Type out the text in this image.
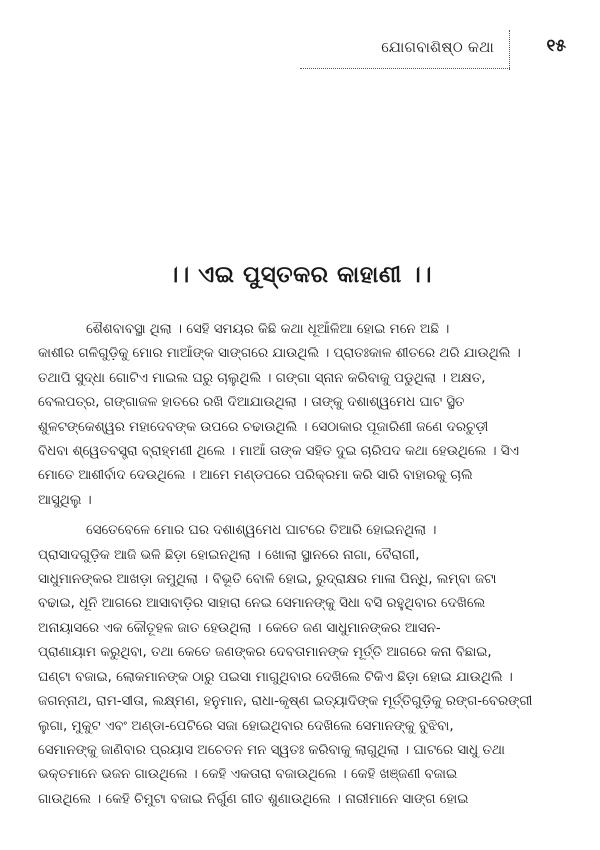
ଯୋଗବାଶିଷ୍ଠ କଥା	୧୫
।। ଏଇ ପୁସ୍ତକର କାହାଣୀ ।।

ଶୈଶବାବସ୍ଥା ଥିଲା । ସେହି ସମୟର କିଛି କଥା ଧୂଆଁଳିଆ ହୋଇ ମନେ ଅଛି ।
କାଶୀର ଗଳିଗୁଡ଼ିକୁ ମୋର ମାଆଁଙ୍କ ସାଙ୍ଗରେ ଯାଉଥିଲି । ପ୍ରାତଃକାଳ ଶୀତରେ ଥରି ଯାଉଥିଲି ।
ତଥାପି ସୁଦ୍ଧା ଗୋଟିଏ ମାଇଲ ଘରୁ ଚାଲୁଥିଲି । ଗଙ୍ଗା ସ୍ନାନ କରିବାକୁ ପଡୁଥିଲା । ଅକ୍ଷତ,
ବେଲପତ୍ର, ଗଙ୍ଗାଜଳ ହାତରେ ରଖି ଦିଆଯାଉଥିଲା । ତାଙ୍କୁ ଦଶାଶ୍ୱମେଧ ଘାଟ ସ୍ଥିତ
ଶୁଳଟଙ୍କେଶ୍ୱର ମହାଦେବଙ୍କ ଉପରେ ଚଢାଉଥିଲି । ସେଠାକାର ପୂଜାରିଣୀ ଜଣେ ଦରଚୁଡ଼ୀ
ବିଧବା ଶ୍ୱେତବସ୍ତ୍ରା ବ୍ରାହ୍ମଣୀ ଥିଲେ । ମାଆଁ ତାଙ୍କ ସହିତ ଦୁଇ ଚାରିପଦ କଥା ହେଉଥିଲେ । ସିଏ
ମୋତେ ଆଶୀର୍ବାଦ ଦେଉଥିଲେ । ଆମେ ମଣ୍ଡପରେ ପରିକ୍ରମା କରି ସାରି ବାହାରକୁ ଚାଲି
ଆସୁଥିଲୁ ।

ସେତେବେଳେ ମୋର ଘର ଦଶାଶ୍ୱମେଧ ଘାଟରେ ତିଆରି ହୋଇନଥିଲା ।
ପ୍ରାସାଦଗୁଡ଼ିକ ଆଜି ଭଳି ଛିଡ଼ା ହୋଇନଥିଲା । ଖୋଲା ସ୍ଥାନରେ ନାଗା, ବୈରାଗୀ,
ସାଧୁମାନଙ୍କର ଆଖଡ଼ା ଜମୁଥିଲା । ବିଭୂତି ବୋଳି ହୋଇ, ରୁଦ୍ରାକ୍ଷର ମାଳା ପିନ୍ଧି, ଲମ୍ବା ଜଟା
ବଢାଇ, ଧୂନି ଆଗରେ ଆସାବାଡ଼ିର ସାହାରା ନେଇ ସେମାନଙ୍କୁ ସିଧା ବସି ରହୁଥିବାର ଦେଖିଲେ
ଅନାୟାସରେ ଏକ କୌତୂହଳ ଜାତ ହେଉଥିଲା । କେତେ ଜଣ ସାଧୁମାନଙ୍କର ଆସନ-
ପ୍ରାଣାୟାମ କରୁଥିବା, ତଥା କେତେ ଜଣଙ୍କର ଦେବତାମାନଙ୍କ ମୂର୍ତ୍ତି ଆଗରେ କନା ବିଛାଇ,
ଘଣ୍ଟା ବଜାଇ, ଲୋକମାନଙ୍କ ଠାରୁ ପଇସା ମାଗୁଥିବାର ଦେଖିଲେ ଟିକିଏ ଛିଡ଼ା ହୋଇ ଯାଉଥିଲି ।
ଜଗନ୍ନାଥ, ରାମ-ସୀତା, ଲକ୍ଷ୍ମଣ, ହନୁମାନ, ରାଧା-କୃଷ୍ଣ ଇତ୍ୟାଦିଙ୍କ ମୂର୍ତ୍ତିଗୁଡ଼ିକୁ ରଙ୍ଗ-ବେରଙ୍ଗୀ
ଲୁଗା, ମୁକୁଟ ଏବଂ ଅଣ୍ଡା-ପେଟିରେ ସଜା ହୋଇଥିବାର ଦେଖିଲେ ସେମାନଙ୍କୁ ବୁଝିବା,
ସେମାନଙ୍କୁ ଜାଣିବାର ପ୍ରୟାସ ଅଚେତନ ମନ ସ୍ୱତଃ କରିବାକୁ ଲାଗୁଥିଲା । ଘାଟରେ ସାଧୁ ତଥା
ଭକ୍ତମାନେ ଭଜନ ଗାଉଥିଲେ । କେହି ଏକତାରା ବଜାଉଥିଲେ । କେହି ଖଞ୍ଜଣୀ ବଜାଇ
ଗାଉଥିଲେ । କେହି ଚିମୁଟା ବଜାଇ ନିର୍ଗୁଣ ଗୀତ ଶୁଣାଉଥିଲେ । ନାରୀମାନେ ସାଙ୍ଗ ହୋଇ
